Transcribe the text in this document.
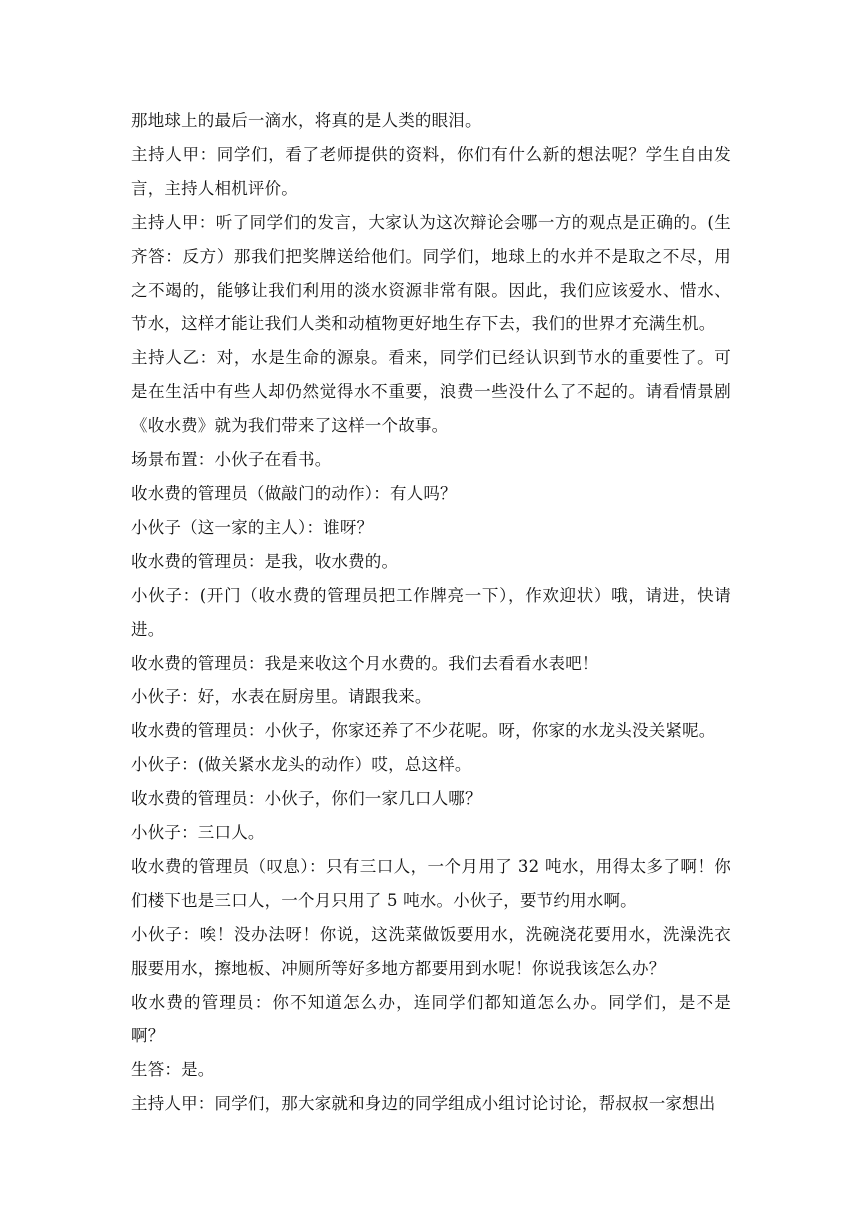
那地球上的最后一滴水，将真的是人类的眼泪。

主持人甲：同学们，看了老师提供的资料，你们有什么新的想法呢？学生自由发言，主持人相机评价。

主持人甲：听了同学们的发言，大家认为这次辩论会哪一方的观点是正确的。(生齐答：反方）那我们把奖牌送给他们。同学们，地球上的水并不是取之不尽，用之不竭的，能够让我们利用的淡水资源非常有限。因此，我们应该爱水、惜水、节水，这样才能让我们人类和动植物更好地生存下去，我们的世界才充满生机。

主持人乙：对，水是生命的源泉。看来，同学们已经认识到节水的重要性了。可是在生活中有些人却仍然觉得水不重要，浪费一些没什么了不起的。请看情景剧《收水费》就为我们带来了这样一个故事。

场景布置：小伙子在看书。

收水费的管理员（做敲门的动作）：有人吗？

小伙子（这一家的主人）：谁呀？

收水费的管理员：是我，收水费的。

小伙子：(开门（收水费的管理员把工作牌亮一下），作欢迎状）哦，请进，快请进。

收水费的管理员：我是来收这个月水费的。我们去看看水表吧！

小伙子：好，水表在厨房里。请跟我来。

收水费的管理员：小伙子，你家还养了不少花呢。呀，你家的水龙头没关紧呢。

小伙子：(做关紧水龙头的动作）哎，总这样。

收水费的管理员：小伙子，你们一家几口人哪？

小伙子：三口人。

收水费的管理员（叹息）：只有三口人，一个月用了 32 吨水，用得太多了啊！你们楼下也是三口人，一个月只用了 5 吨水。小伙子，要节约用水啊。

小伙子：唉！没办法呀！你说，这洗菜做饭要用水，洗碗浇花要用水，洗澡洗衣服要用水，擦地板、冲厕所等好多地方都要用到水呢！你说我该怎么办？

收水费的管理员：你不知道怎么办，连同学们都知道怎么办。同学们，是不是啊？

生答：是。

主持人甲：同学们，那大家就和身边的同学组成小组讨论讨论，帮叔叔一家想出
